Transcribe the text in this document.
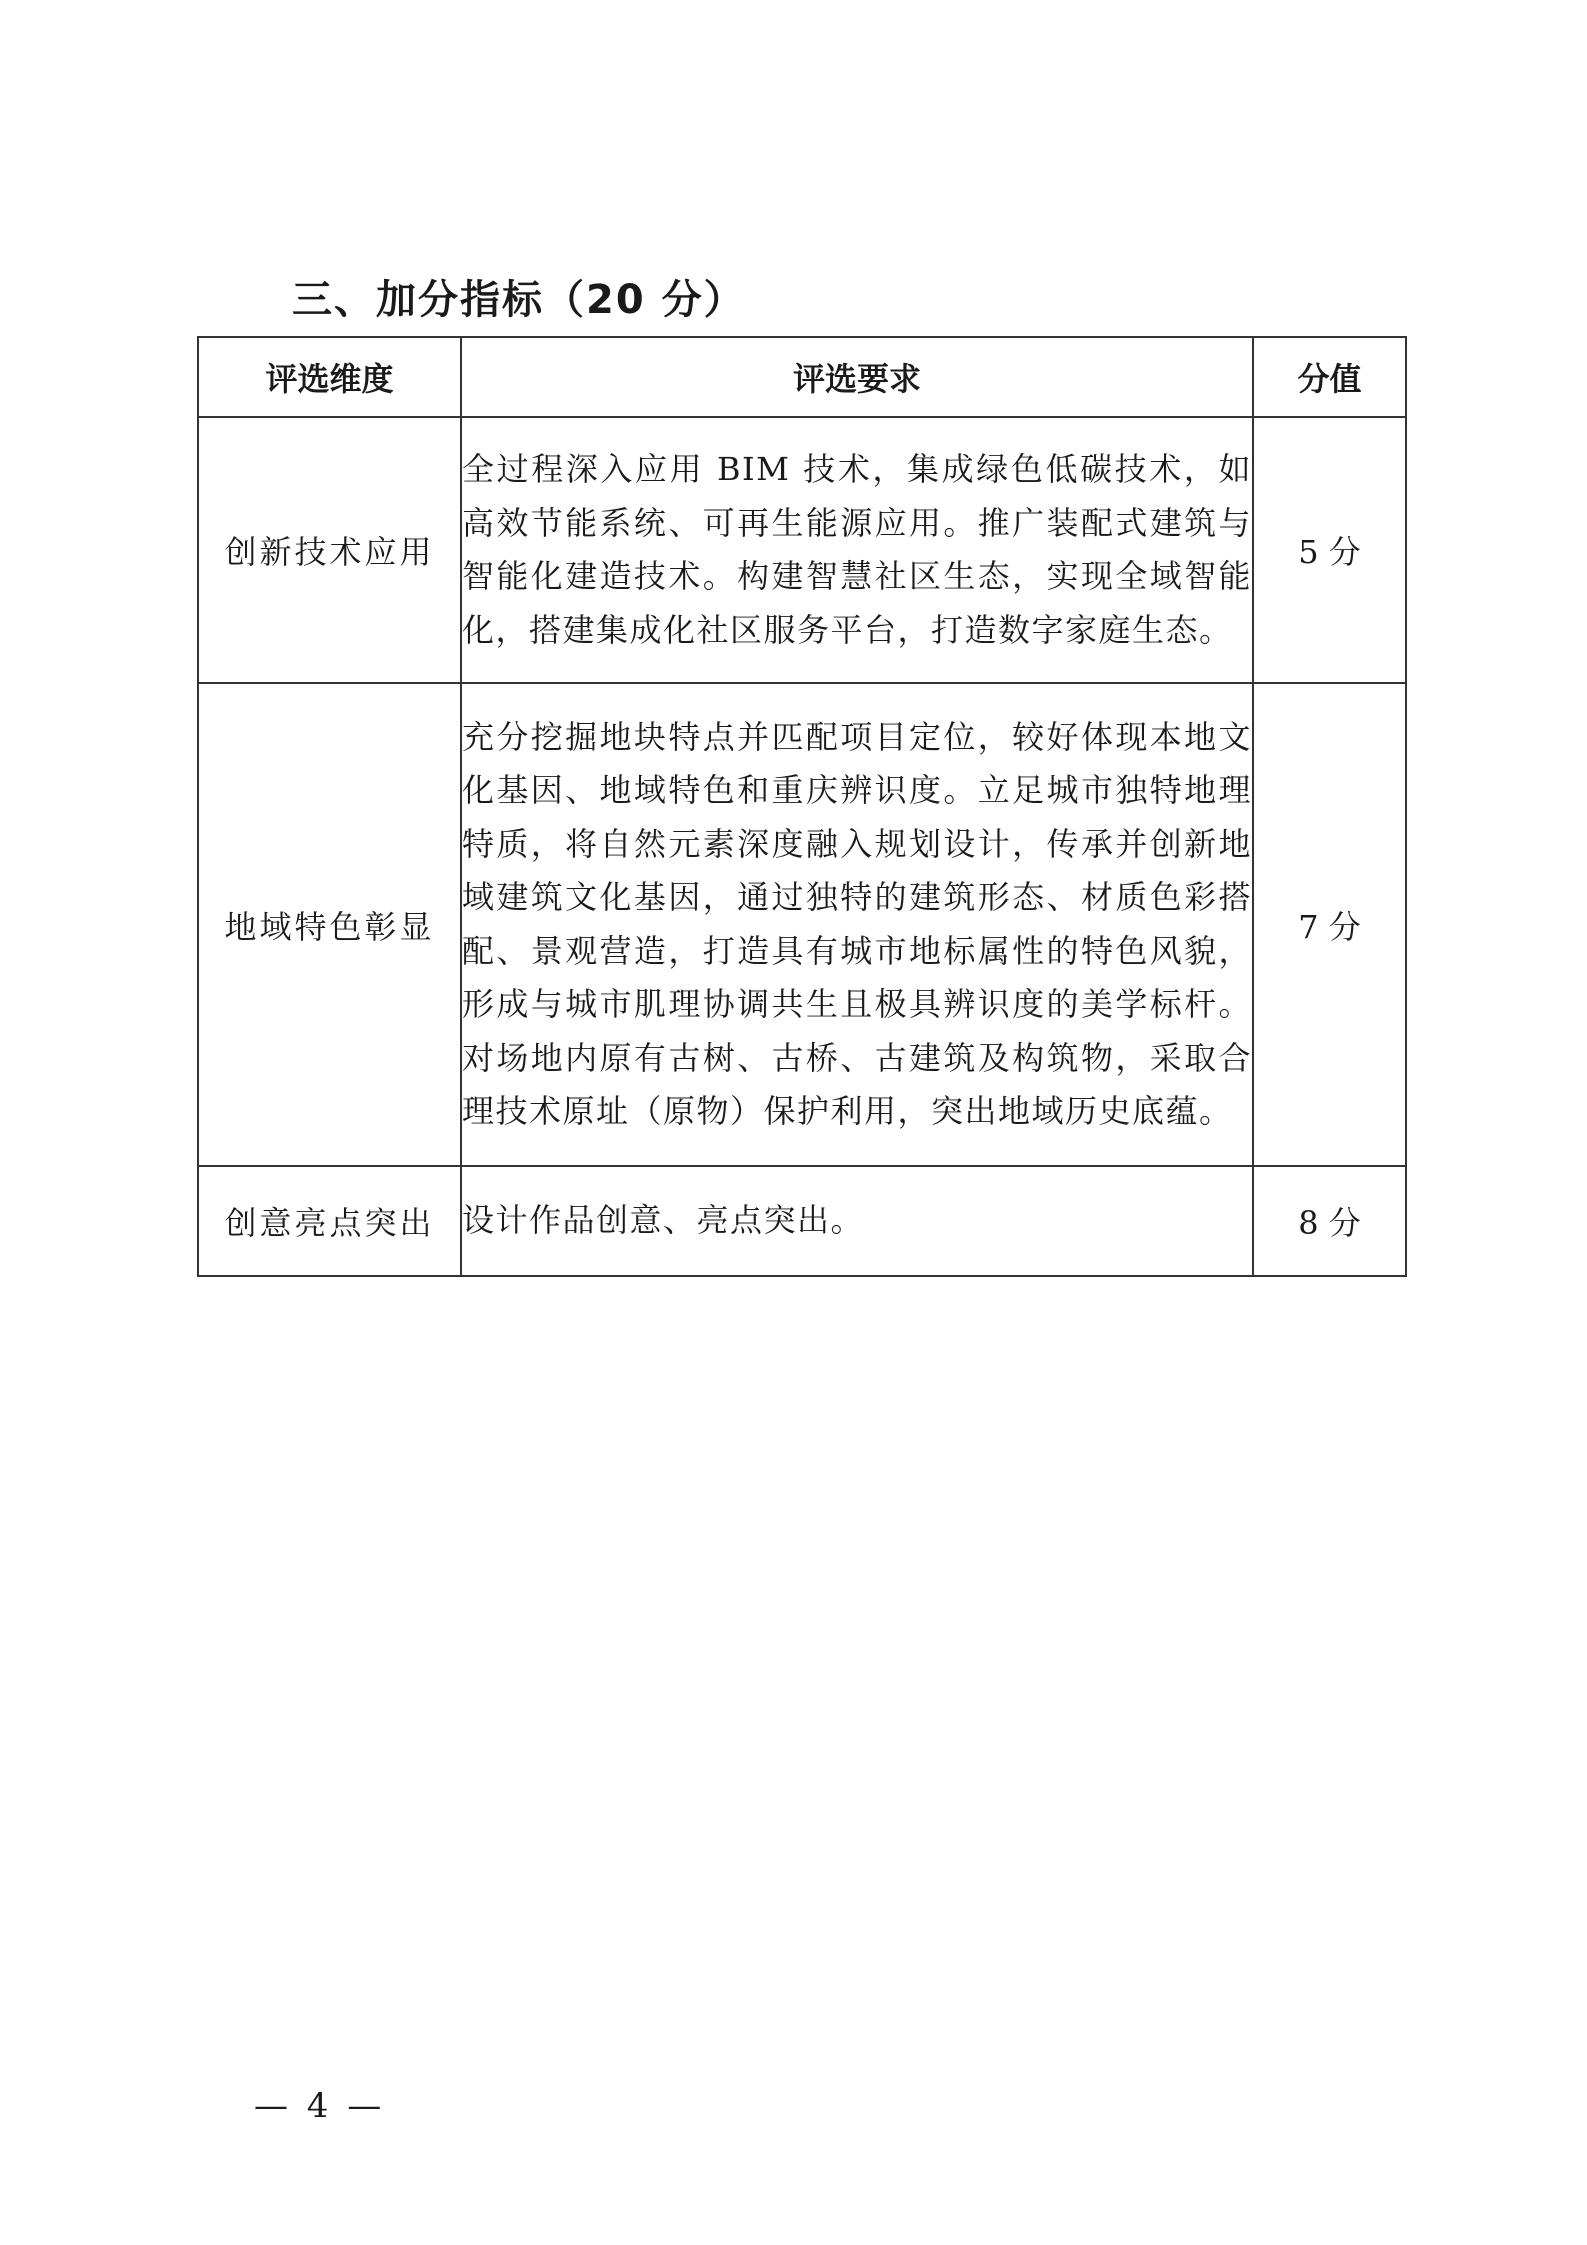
三、加分指标（20 分）
评选维度	评选要求	分值
创新技术应用	全过程深入应用 BIM 技术，集成绿色低碳技术，如高效节能系统、可再生能源应用。推广装配式建筑与智能化建造技术。构建智慧社区生态，实现全域智能化，搭建集成化社区服务平台，打造数字家庭生态。	5 分
地域特色彰显	充分挖掘地块特点并匹配项目定位，较好体现本地文化基因、地域特色和重庆辨识度。立足城市独特地理特质，将自然元素深度融入规划设计，传承并创新地域建筑文化基因，通过独特的建筑形态、材质色彩搭配、景观营造，打造具有城市地标属性的特色风貌，形成与城市肌理协调共生且极具辨识度的美学标杆。对场地内原有古树、古桥、古建筑及构筑物，采取合理技术原址（原物）保护利用，突出地域历史底蕴。	7 分
创意亮点突出	设计作品创意、亮点突出。	8 分
— 4 —
